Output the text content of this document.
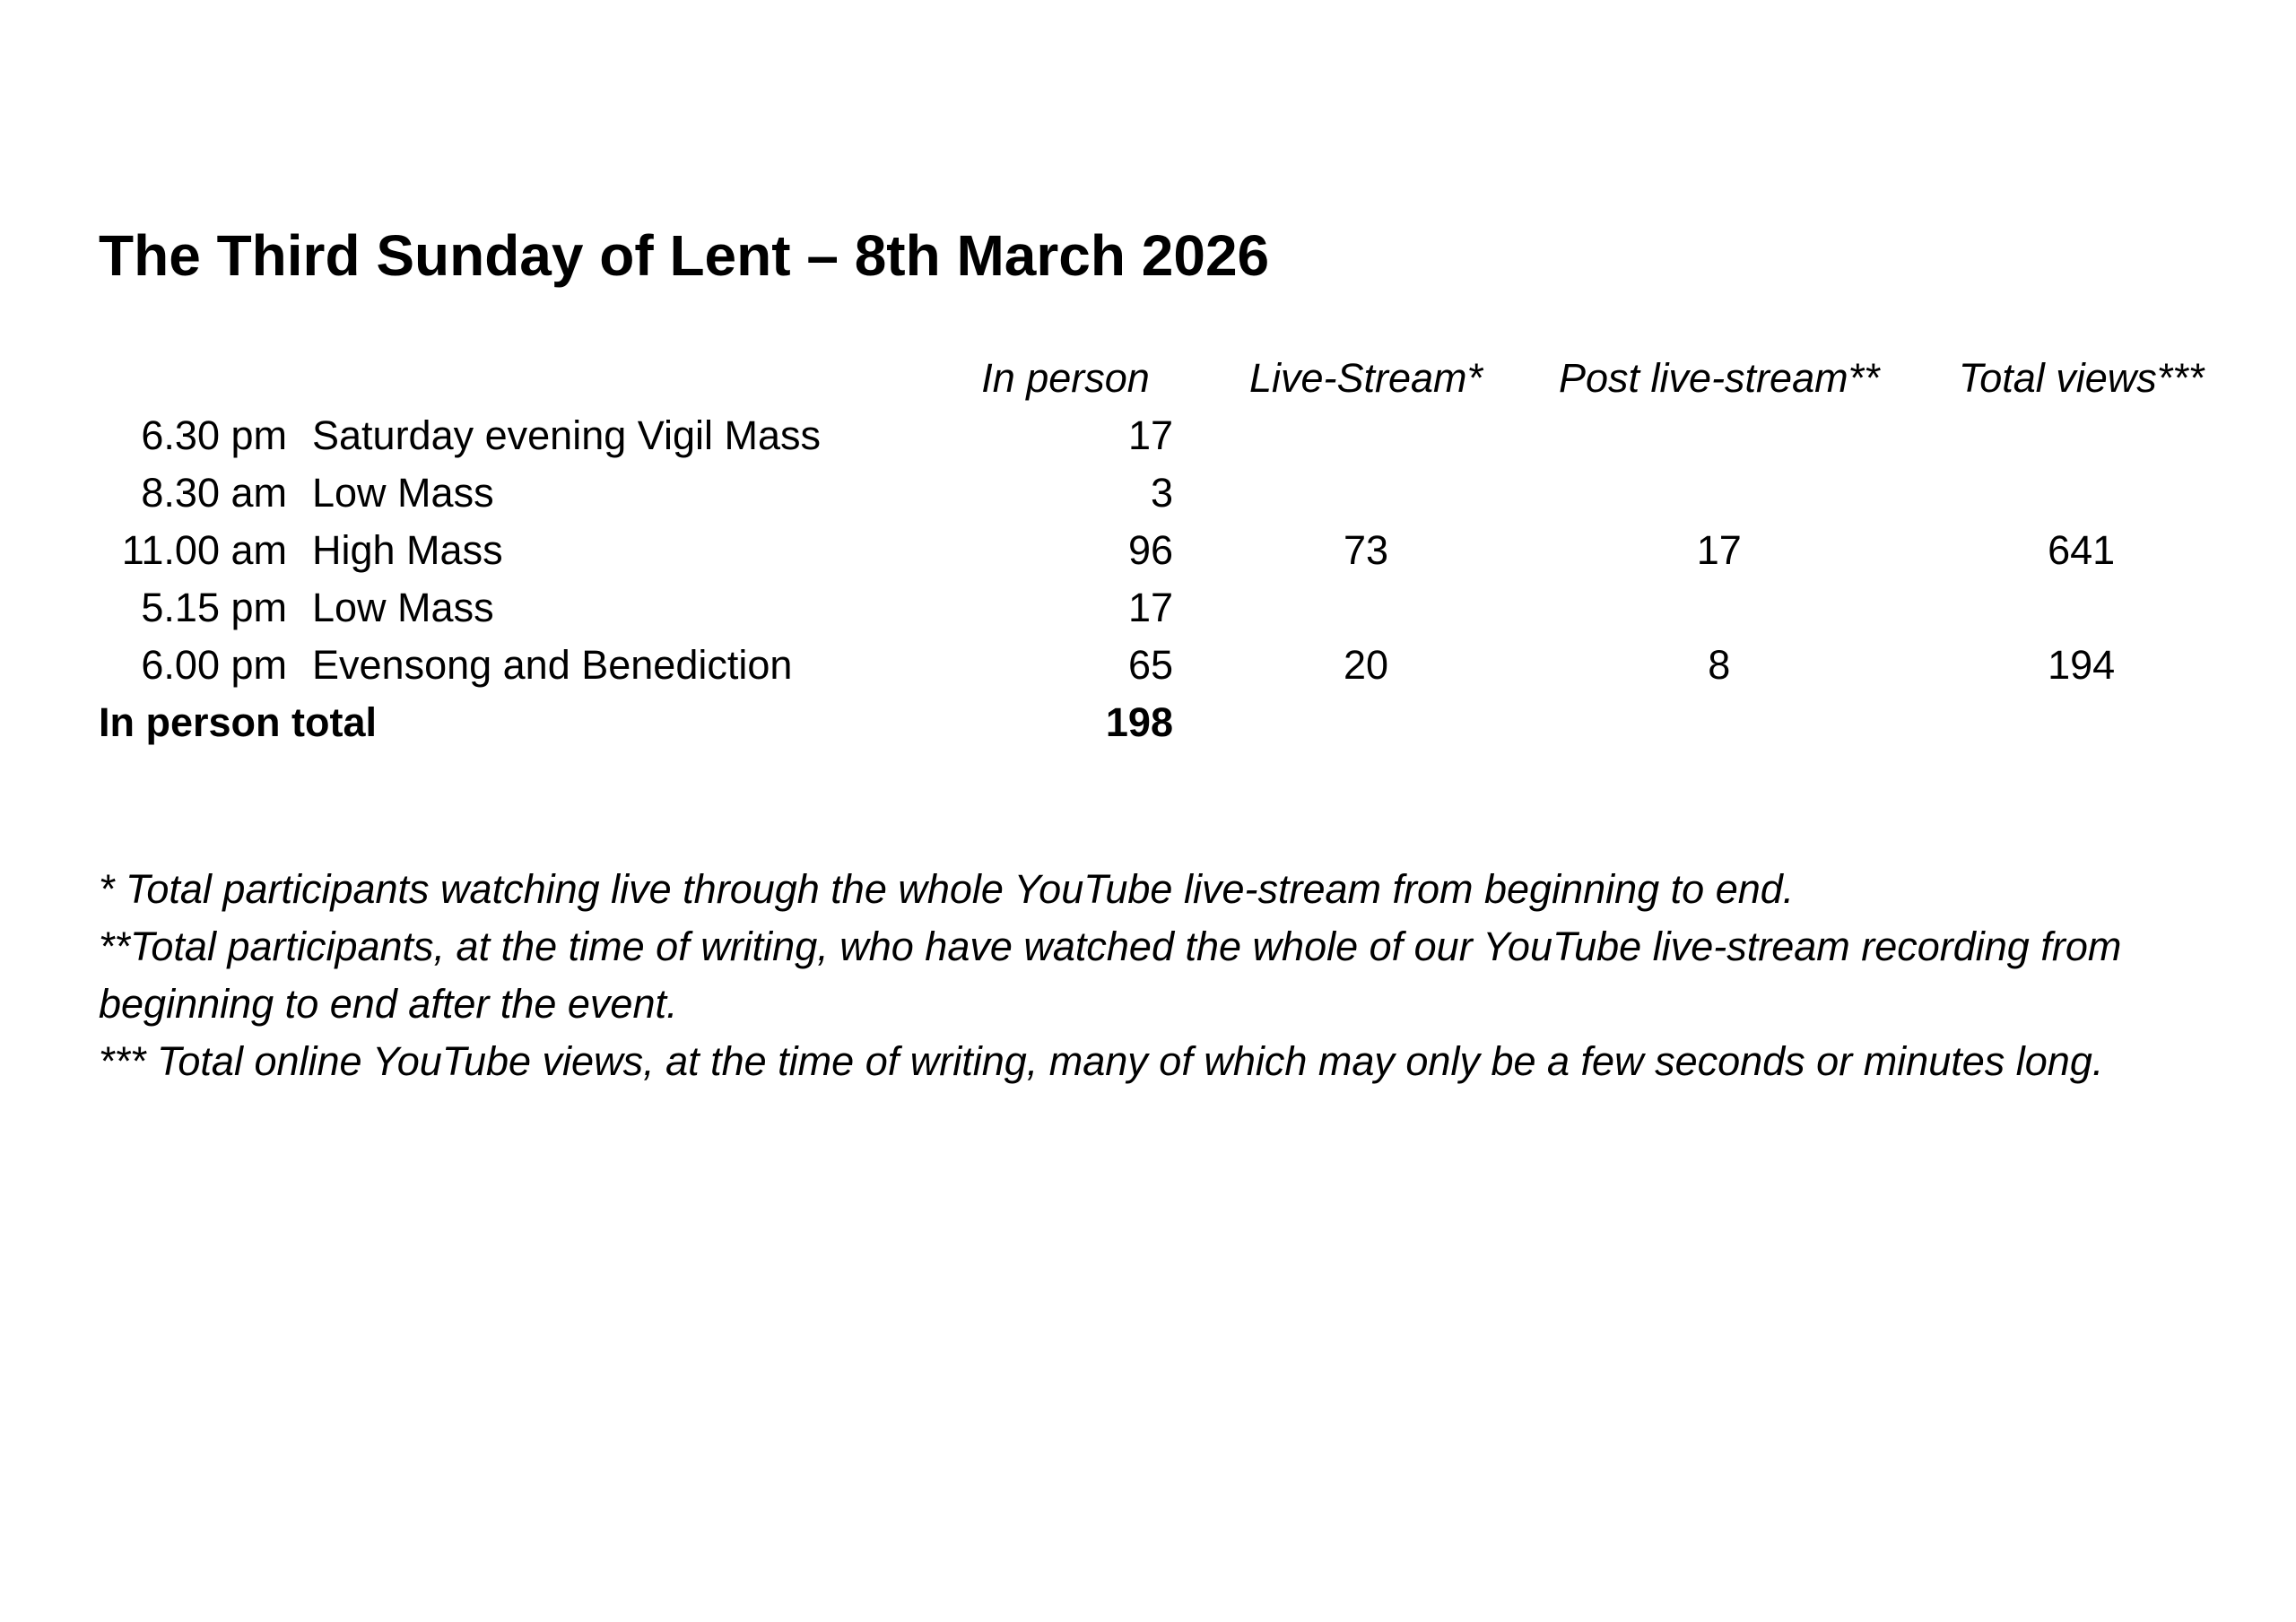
The Third Sunday of Lent – 8th March 2026
			In person	Live-Stream*	Post live-stream**	Total views***
6.30 pm		Saturday evening Vigil Mass	17			
8.30 am		Low Mass	3			
11.00 am		High Mass	96	73	17	641
5.15 pm		Low Mass	17			
6.00 pm		Evensong and Benediction	65	20	8	194
In person total			198			

* Total participants watching live through the whole YouTube live-stream from beginning to end.

**Total participants, at the time of writing, who have watched the whole of our YouTube live-stream recording from beginning to end after the event.

*** Total online YouTube views, at the time of writing, many of which may only be a few seconds or minutes long.
